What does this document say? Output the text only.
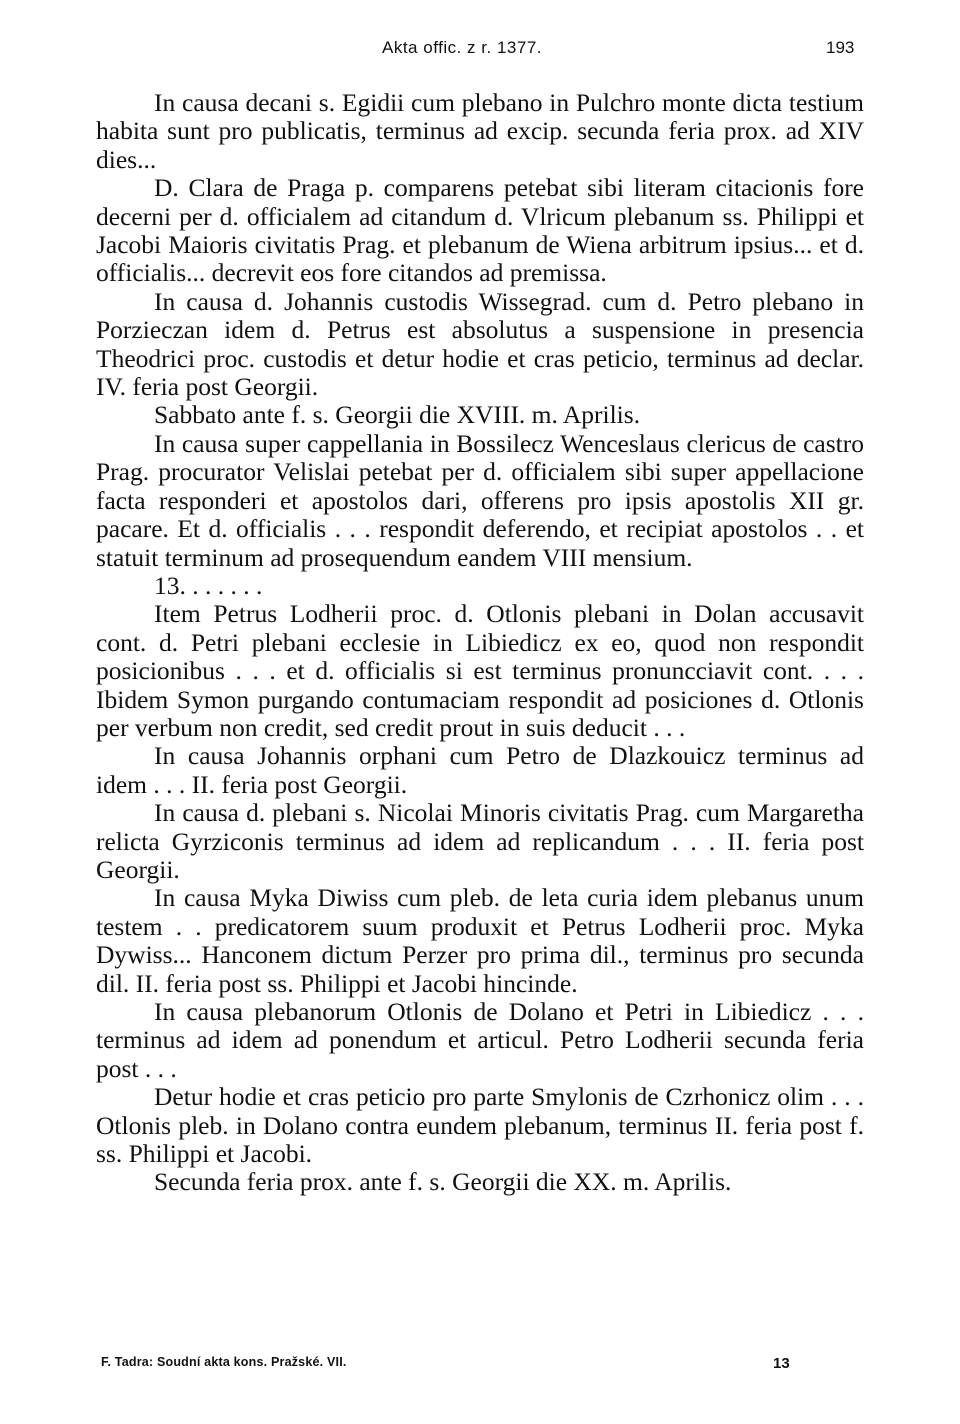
Akta offic. z r. 1377.	193

In causa decani s. Egidii cum plebano in Pulchro monte dicta testium habita sunt pro publicatis, terminus ad excip. secunda feria prox. ad XIV dies...

D. Clara de Praga p. comparens petebat sibi literam citacionis fore decerni per d. officialem ad citandum d. Vlricum plebanum ss. Philippi et Jacobi Maioris civitatis Prag. et plebanum de Wiena arbitrum ipsius... et d. officialis... decrevit eos fore citandos ad premissa.

In causa d. Johannis custodis Wissegrad. cum d. Petro plebano in Porzieczan idem d. Petrus est absolutus a suspensione in presencia Theodrici proc. custodis et detur hodie et cras peticio, terminus ad declar. IV. feria post Georgii.

Sabbato ante f. s. Georgii die XVIII. m. Aprilis.

In causa super cappellania in Bossilecz Wenceslaus clericus de castro Prag. procurator Velislai petebat per d. officialem sibi super appellacione facta responderi et apostolos dari, offerens pro ipsis apostolis XII gr. pacare. Et d. officialis . . . respondit deferendo, et recipiat apostolos . . et statuit terminum ad prosequendum eandem VIII mensium.

13. . . . . . .

Item Petrus Lodherii proc. d. Otlonis plebani in Dolan accusavit cont. d. Petri plebani ecclesie in Libiedicz ex eo, quod non respondit posicionibus . . . et d. officialis si est terminus pronuncciavit cont. . . . Ibidem Symon purgando contumaciam respondit ad posiciones d. Otlonis per verbum non credit, sed credit prout in suis deducit . . .

In causa Johannis orphani cum Petro de Dlazkouicz terminus ad idem . . . II. feria post Georgii.

In causa d. plebani s. Nicolai Minoris civitatis Prag. cum Margaretha relicta Gyrziconis terminus ad idem ad replicandum . . . II. feria post Georgii.

In causa Myka Diwiss cum pleb. de leta curia idem plebanus unum testem . . predicatorem suum produxit et Petrus Lodherii proc. Myka Dywiss... Hanconem dictum Perzer pro prima dil., terminus pro secunda dil. II. feria post ss. Philippi et Jacobi hincinde.

In causa plebanorum Otlonis de Dolano et Petri in Libiedicz . . . terminus ad idem ad ponendum et articul. Petro Lodherii secunda feria post . . .

Detur hodie et cras peticio pro parte Smylonis de Czrhonicz olim . . . Otlonis pleb. in Dolano contra eundem plebanum, terminus II. feria post f. ss. Philippi et Jacobi.

Secunda feria prox. ante f. s. Georgii die XX. m. Aprilis.

F. Tadra: Soudní akta kons. Pražské. VII.	13
